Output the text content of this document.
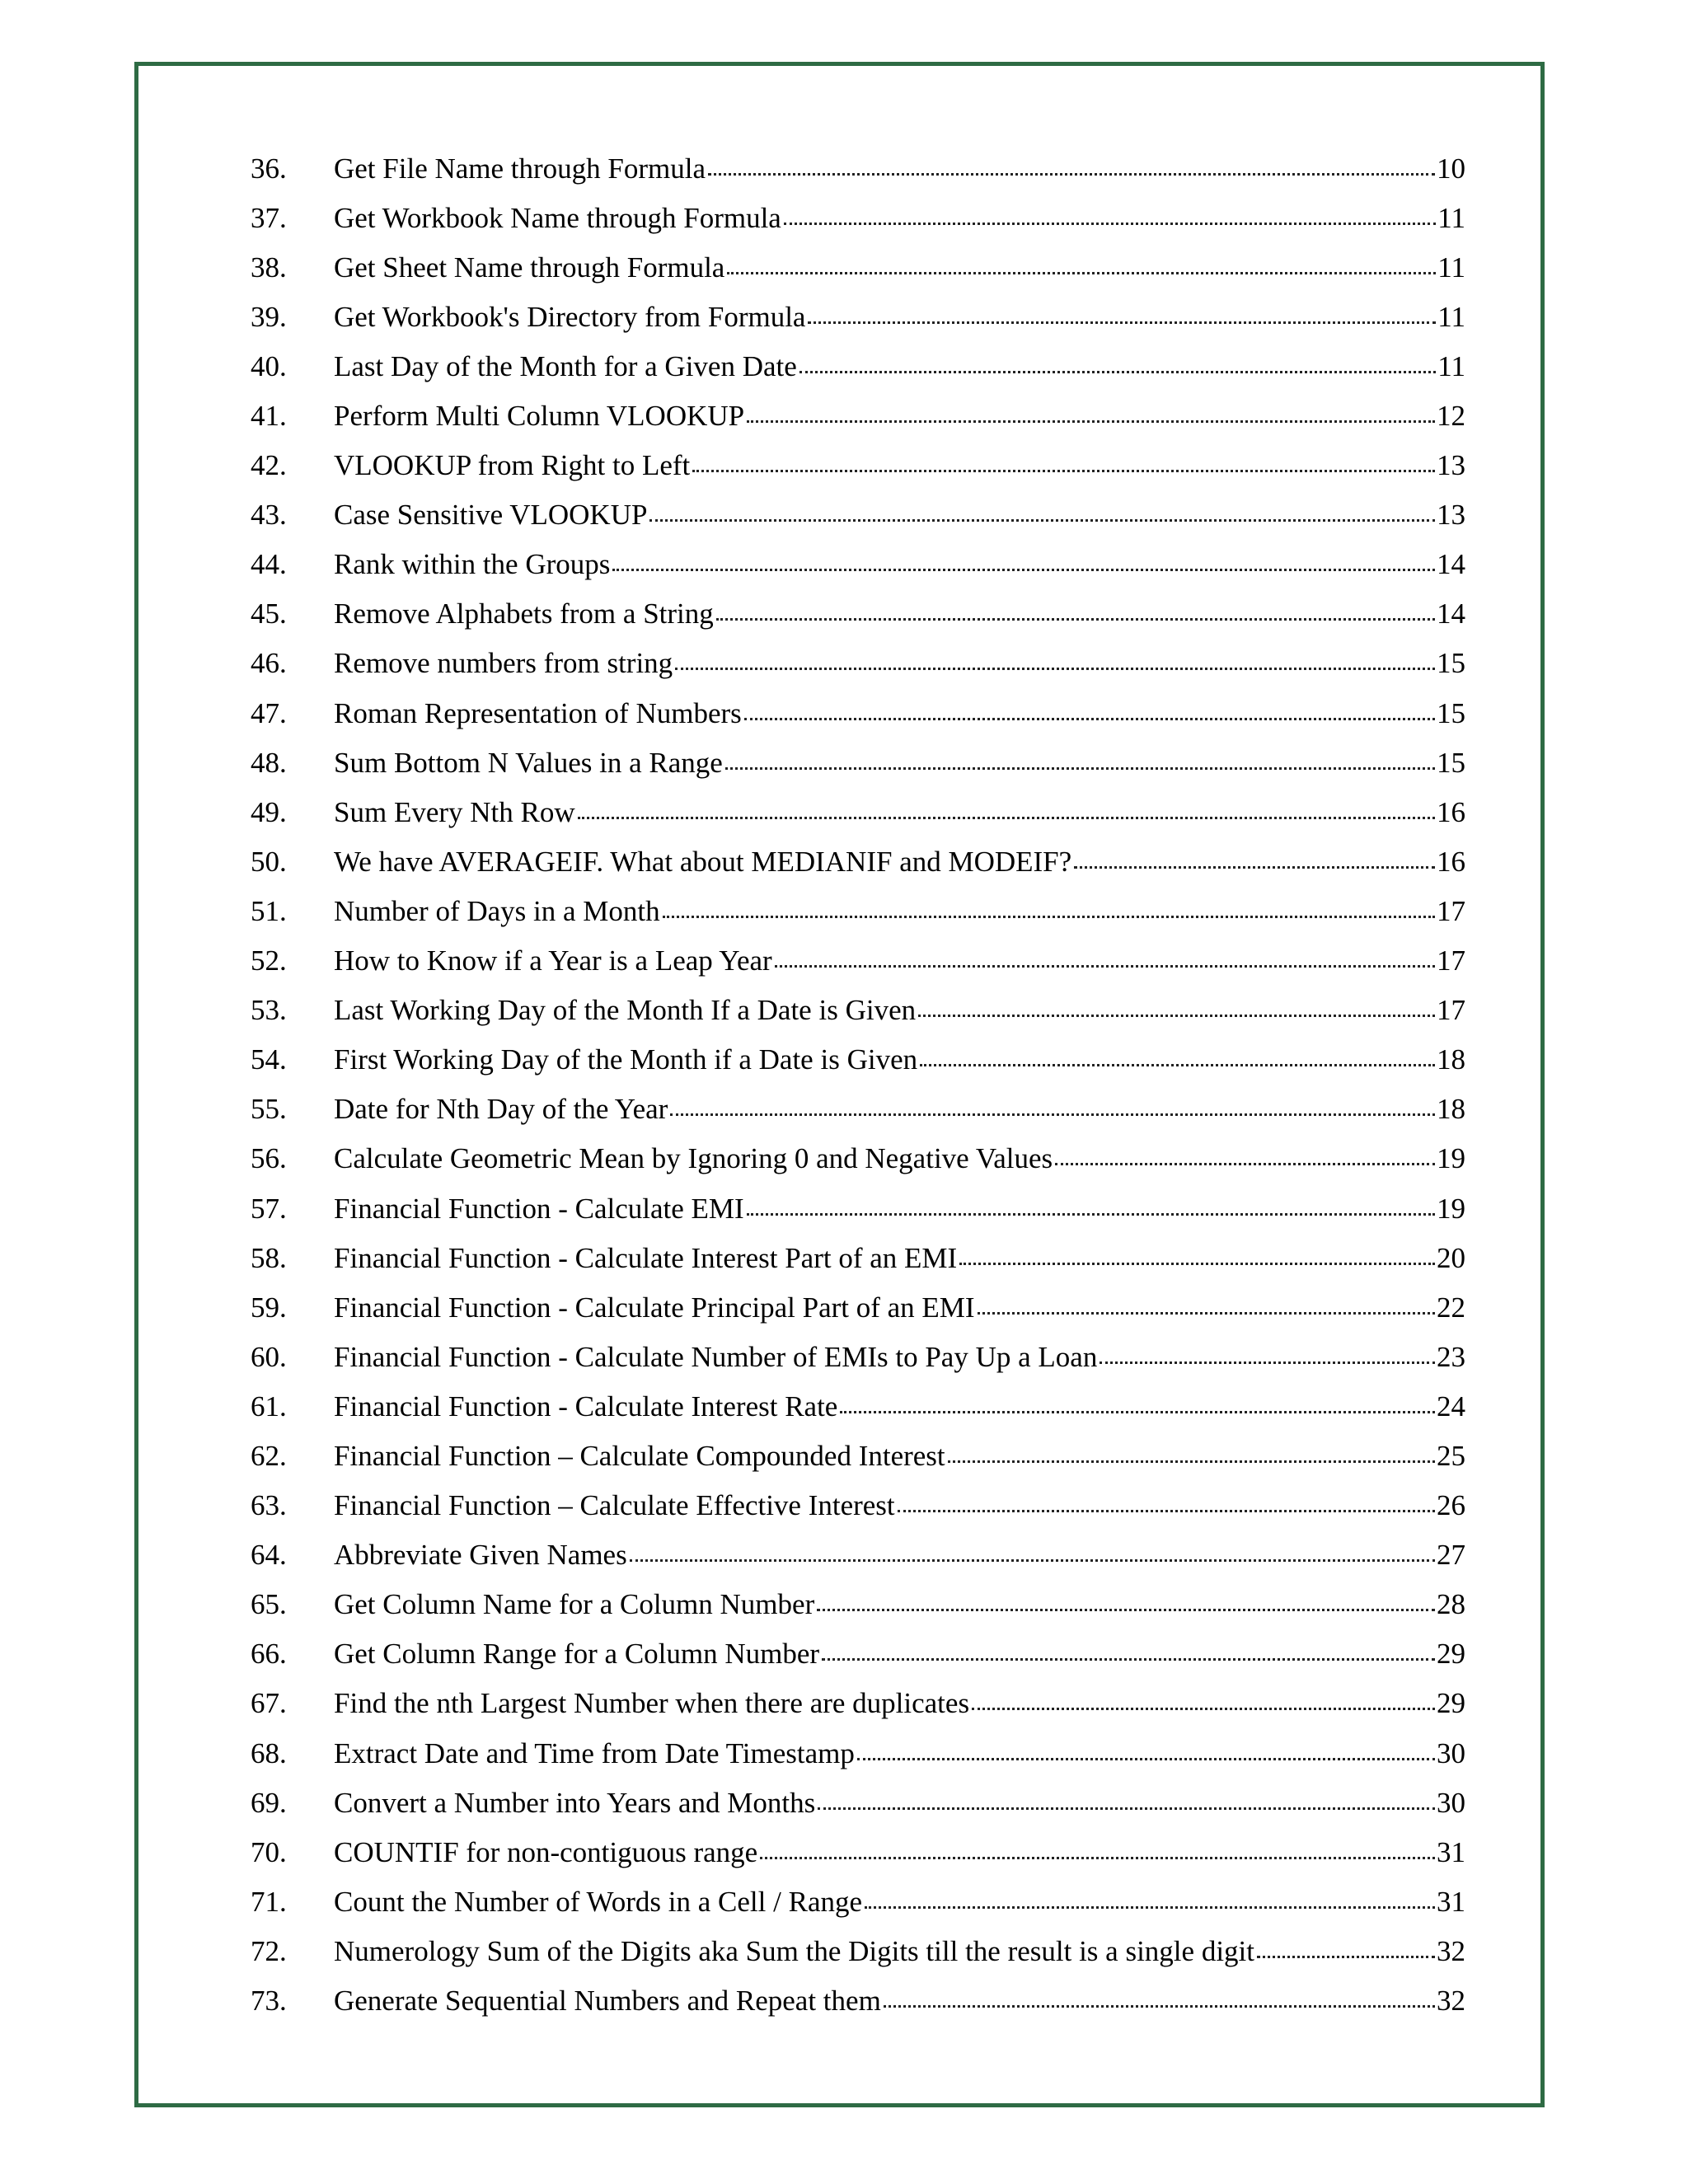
36.	Get File Name through Formula	10
37.	Get Workbook Name through Formula	11
38.	Get Sheet Name through Formula	11
39.	Get Workbook's Directory from Formula	11
40.	Last Day of the Month for a Given Date	11
41.	Perform Multi Column VLOOKUP	12
42.	VLOOKUP from Right to Left	13
43.	Case Sensitive VLOOKUP	13
44.	Rank within the Groups	14
45.	Remove Alphabets from a String	14
46.	Remove numbers from string	15
47.	Roman Representation of Numbers	15
48.	Sum Bottom N Values in a Range	15
49.	Sum Every Nth Row	16
50.	We have AVERAGEIF. What about MEDIANIF and MODEIF?	16
51.	Number of Days in a Month	17
52.	How to Know if a Year is a Leap Year	17
53.	Last Working Day of the Month If a Date is Given	17
54.	First Working Day of the Month if a Date is Given	18
55.	Date for Nth Day of the Year	18
56.	Calculate Geometric Mean by Ignoring 0 and Negative Values	19
57.	Financial Function - Calculate EMI	19
58.	Financial Function - Calculate Interest Part of an EMI	20
59.	Financial Function - Calculate Principal Part of an EMI	22
60.	Financial Function - Calculate Number of EMIs to Pay Up a Loan	23
61.	Financial Function - Calculate Interest Rate	24
62.	Financial Function – Calculate Compounded Interest	25
63.	Financial Function – Calculate Effective Interest	26
64.	Abbreviate Given Names	27
65.	Get Column Name for a Column Number	28
66.	Get Column Range for a Column Number	29
67.	Find the nth Largest Number when there are duplicates	29
68.	Extract Date and Time from Date Timestamp	30
69.	Convert a Number into Years and Months	30
70.	COUNTIF for non-contiguous range	31
71.	Count the Number of Words in a Cell / Range	31
72.	Numerology Sum of the Digits aka Sum the Digits till the result is a single digit	32
73.	Generate Sequential Numbers and Repeat them	32
